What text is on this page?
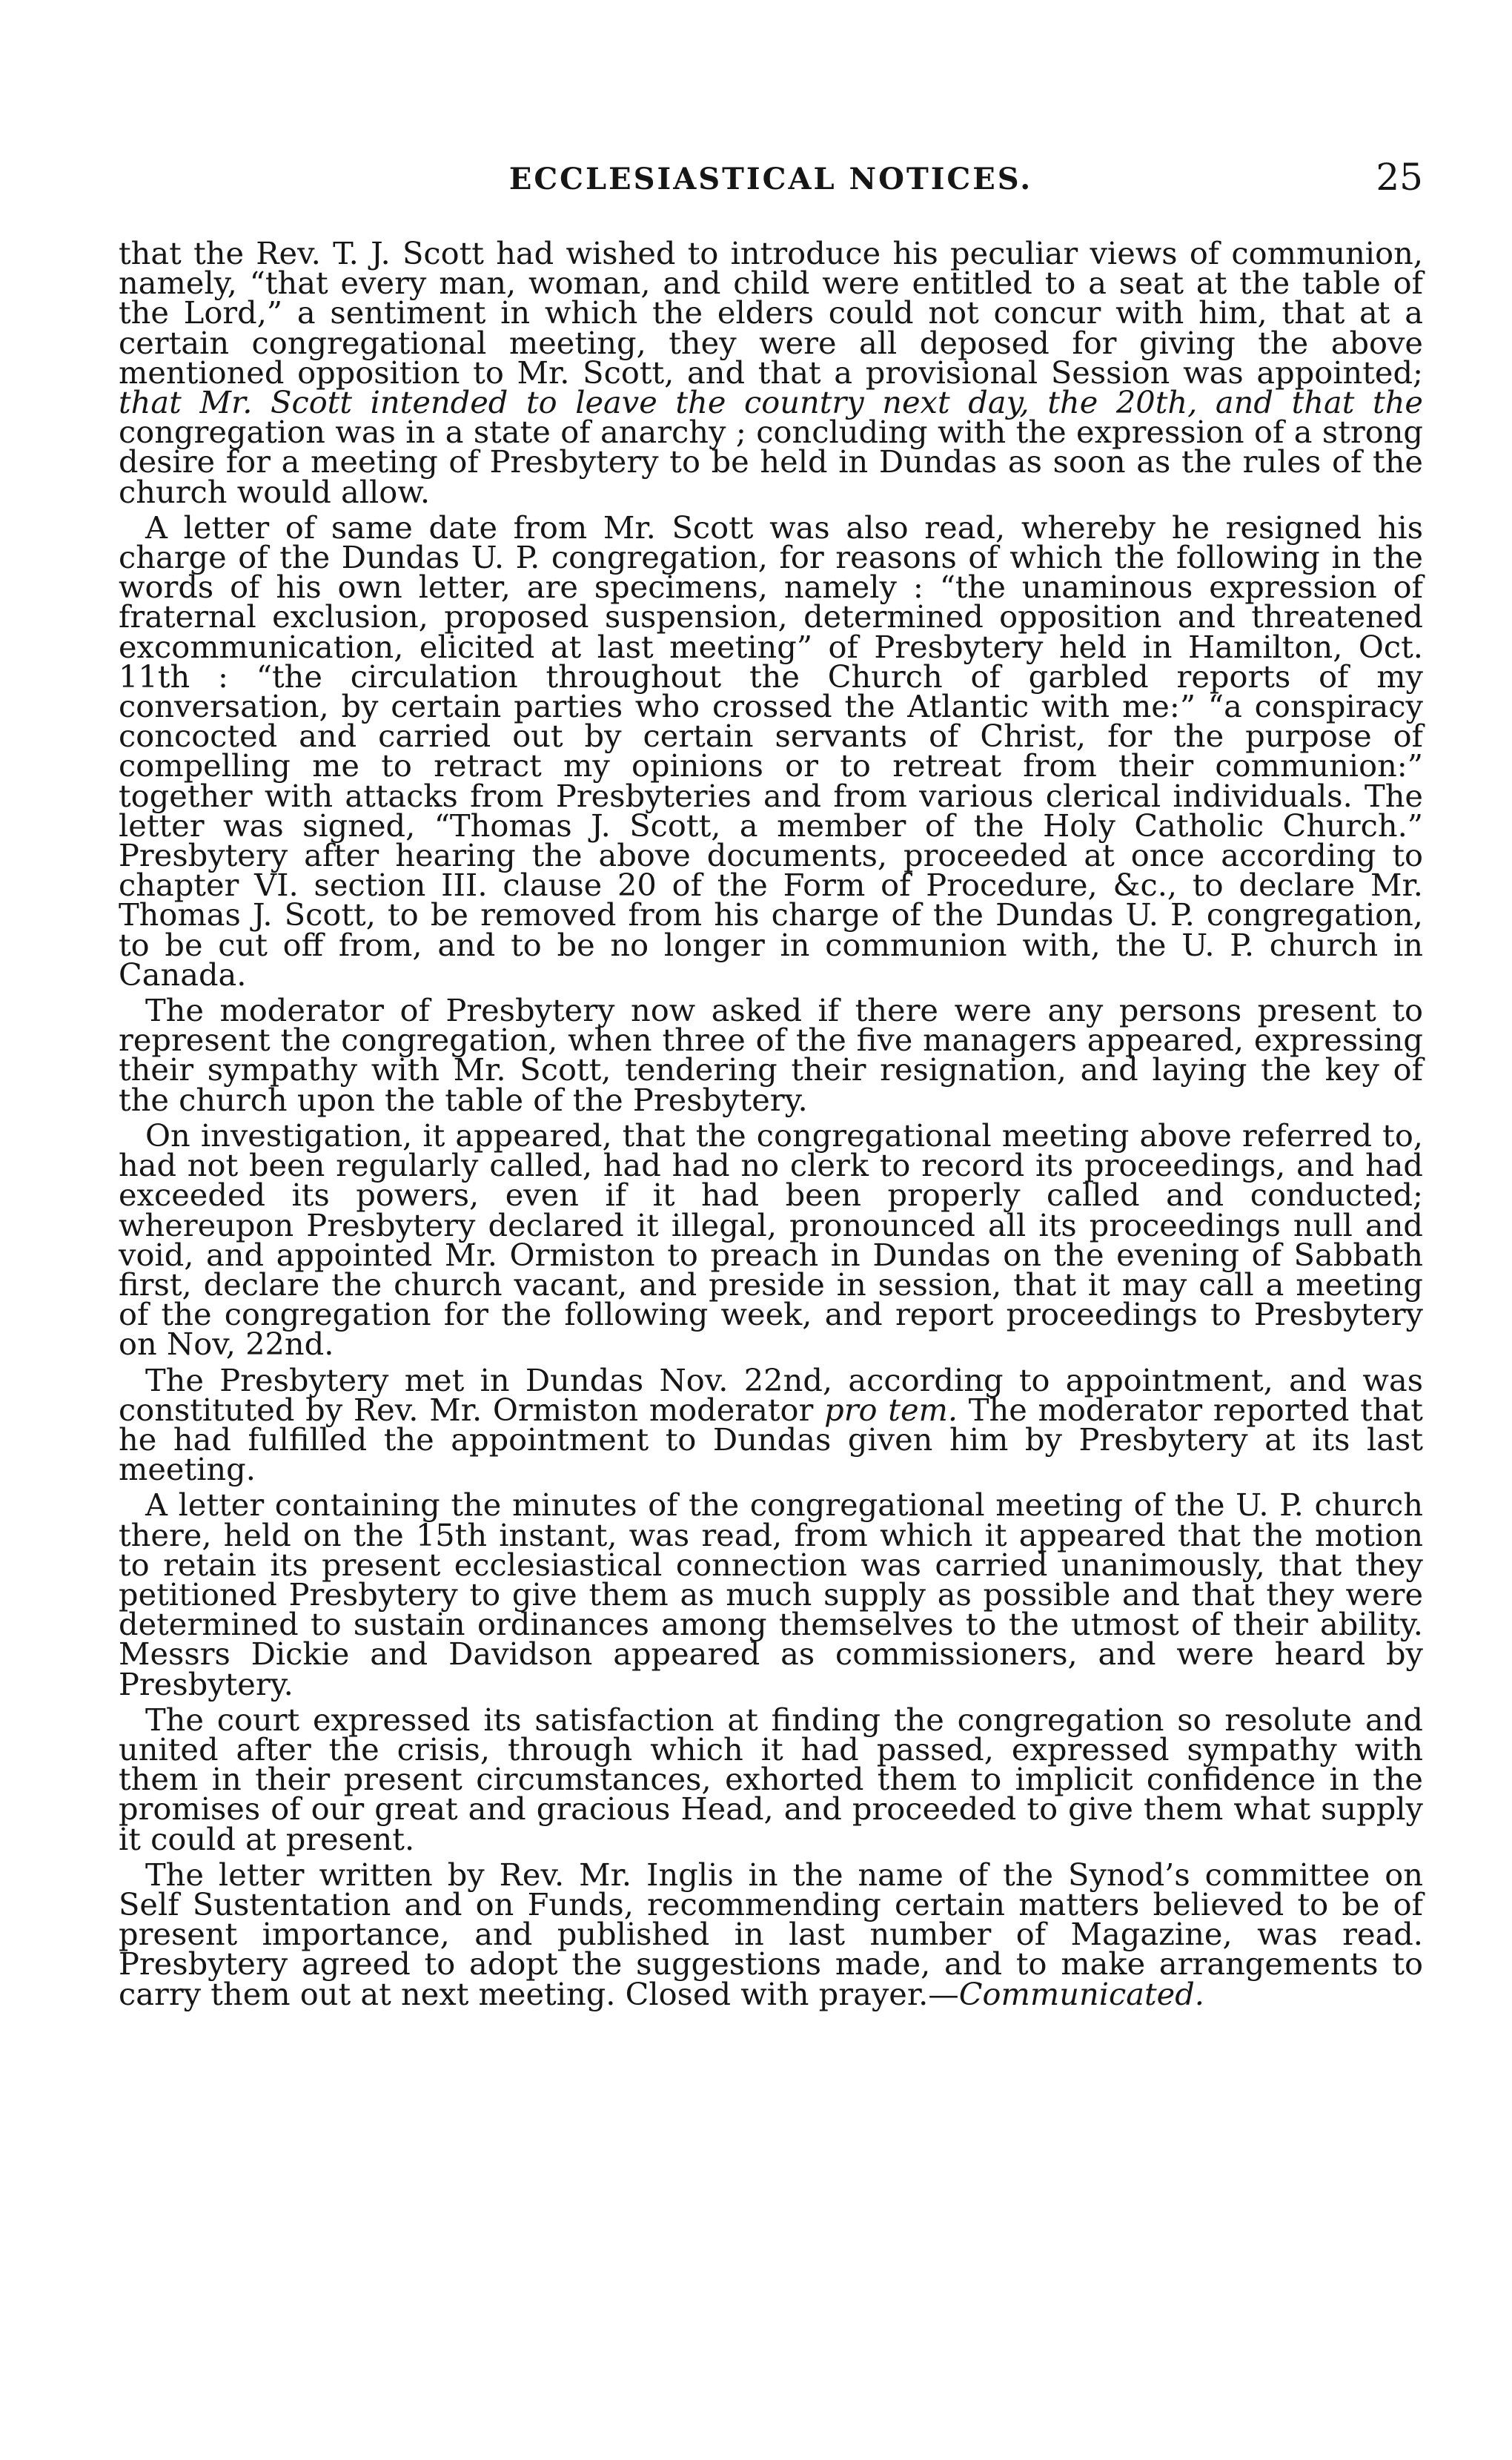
ECCLESIASTICAL NOTICES.	25

that the Rev. T. J. Scott had wished to introduce his peculiar views of communion, namely, “that every man, woman, and child were entitled to a seat at the table of the Lord,” a sentiment in which the elders could not concur with him, that at a certain congregational meeting, they were all deposed for giving the above mentioned opposition to Mr. Scott, and that a provisional Session was appointed; that Mr. Scott intended to leave the country next day, the 20th, and that the congregation was in a state of anarchy ; concluding with the expression of a strong desire for a meeting of Presbytery to be held in Dundas as soon as the rules of the church would allow.

A letter of same date from Mr. Scott was also read, whereby he resigned his charge of the Dundas U. P. congregation, for reasons of which the following in the words of his own letter, are specimens, namely : “the unaminous expression of fraternal exclusion, proposed suspension, determined opposition and threatened excommunication, elicited at last meeting” of Presbytery held in Hamilton, Oct. 11th : “the circulation throughout the Church of garbled reports of my conversation, by certain parties who crossed the Atlantic with me:” “a conspiracy concocted and carried out by certain servants of Christ, for the purpose of compelling me to retract my opinions or to retreat from their communion:” together with attacks from Presbyteries and from various clerical individuals. The letter was signed, “Thomas J. Scott, a member of the Holy Catholic Church.” Presbytery after hearing the above documents, proceeded at once according to chapter VI. section III. clause 20 of the Form of Procedure, &c., to declare Mr. Thomas J. Scott, to be removed from his charge of the Dundas U. P. congregation, to be cut off from, and to be no longer in communion with, the U. P. church in Canada.

The moderator of Presbytery now asked if there were any persons present to represent the congregation, when three of the five managers appeared, expressing their sympathy with Mr. Scott, tendering their resignation, and laying the key of the church upon the table of the Presbytery.

On investigation, it appeared, that the congregational meeting above referred to, had not been regularly called, had had no clerk to record its proceedings, and had exceeded its powers, even if it had been properly called and conducted; whereupon Presbytery declared it illegal, pronounced all its proceedings null and void, and appointed Mr. Ormiston to preach in Dundas on the evening of Sabbath first, declare the church vacant, and preside in session, that it may call a meeting of the congregation for the following week, and report proceedings to Presbytery on Nov, 22nd.

The Presbytery met in Dundas Nov. 22nd, according to appointment, and was constituted by Rev. Mr. Ormiston moderator pro tem. The moderator reported that he had fulfilled the appointment to Dundas given him by Presbytery at its last meeting.

A letter containing the minutes of the congregational meeting of the U. P. church there, held on the 15th instant, was read, from which it appeared that the motion to retain its present ecclesiastical connection was carried unanimously, that they petitioned Presbytery to give them as much supply as possible and that they were determined to sustain ordinances among themselves to the utmost of their ability. Messrs Dickie and Davidson appeared as commissioners, and were heard by Presbytery.

The court expressed its satisfaction at finding the congregation so resolute and united after the crisis, through which it had passed, expressed sympathy with them in their present circumstances, exhorted them to implicit confidence in the promises of our great and gracious Head, and proceeded to give them what supply it could at present.

The letter written by Rev. Mr. Inglis in the name of the Synod’s committee on Self Sustentation and on Funds, recommending certain matters believed to be of present importance, and published in last number of Magazine, was read. Presbytery agreed to adopt the suggestions made, and to make arrangements to carry them out at next meeting. Closed with prayer.—Communicated.
